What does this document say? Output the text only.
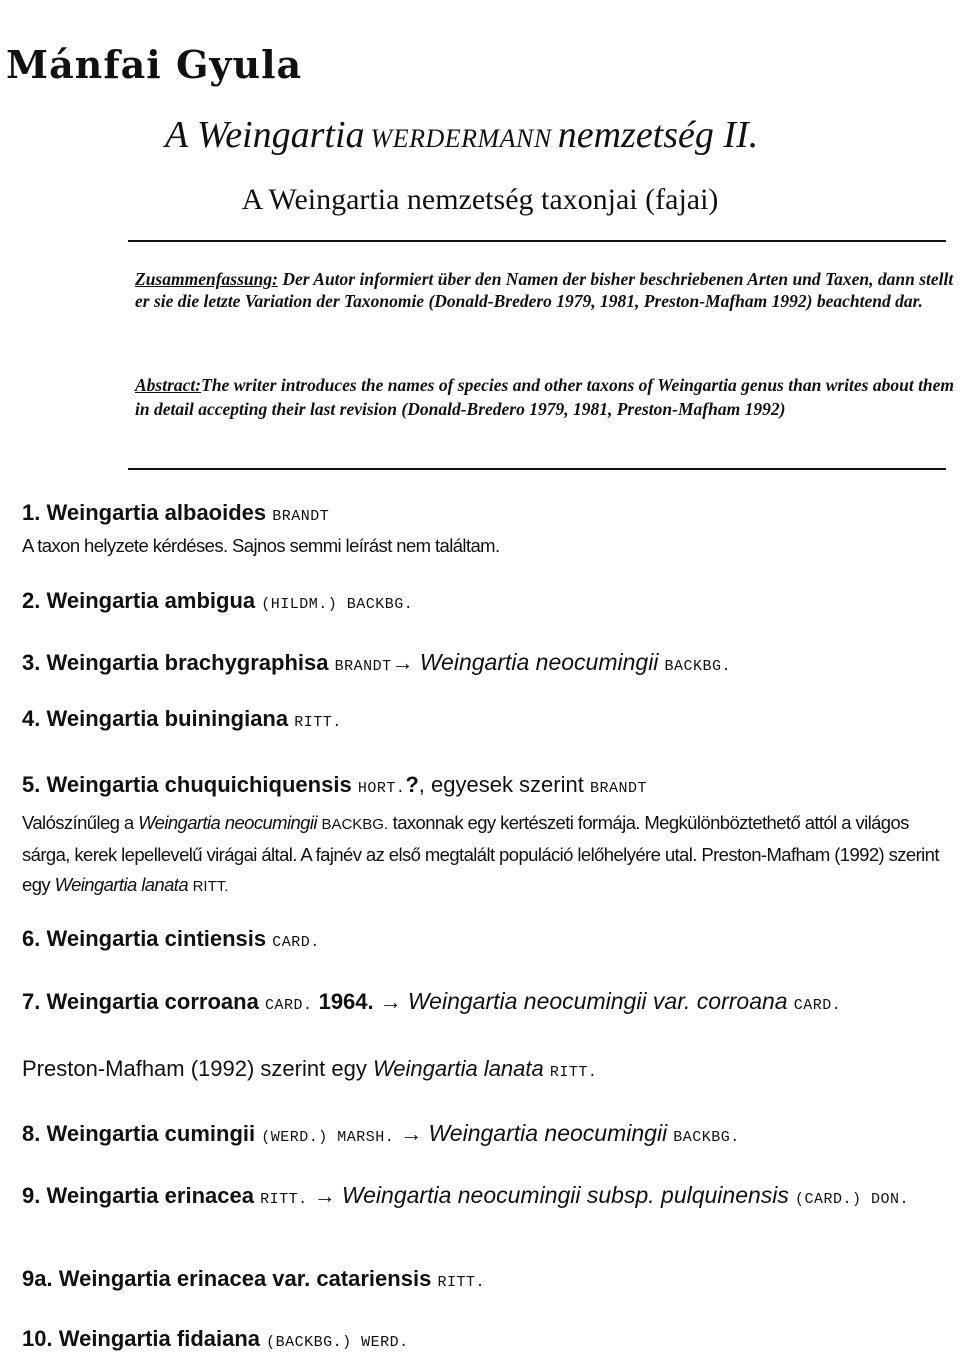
Mánfai Gyula
A Weingartia WERDERMANN nemzetség II.
A Weingartia nemzetség taxonjai (fajai)
Zusammenfassung: Der Autor informiert über den Namen der bisher beschriebenen Arten und Taxen, dann stellt er sie die letzte Variation der Taxonomie (Donald-Bredero 1979, 1981, Preston-Mafham 1992) beachtend dar.
Abstract:The writer introduces the names of species and other taxons of Weingartia genus than writes about them in detail accepting their last revision (Donald-Bredero 1979, 1981, Preston-Mafham 1992)
1. Weingartia albaoides BRANDT
A taxon helyzete kérdéses. Sajnos semmi leírást nem találtam.
2. Weingartia ambigua (HILDM.) BACKBG.
3. Weingartia brachygraphisa BRANDT→ Weingartia neocumingii BACKBG.
4. Weingartia buiningiana RITT.
5. Weingartia chuquichiquensis HORT.?, egyesek szerint BRANDT
Valószínűleg a Weingartia neocumingii BACKBG. taxonnak egy kertészeti formája. Megkülönböztethető attól a világos sárga, kerek lepellevelű virágai által. A fajnév az első megtalált populáció lelőhelyére utal. Preston-Mafham (1992) szerint egy Weingartia lanata RITT.
6. Weingartia cintiensis CARD.
7. Weingartia corroana CARD. 1964. → Weingartia neocumingii var. corroana CARD.
Preston-Mafham (1992) szerint egy Weingartia lanata RITT.
8. Weingartia cumingii (WERD.) MARSH. → Weingartia neocumingii BACKBG.
9. Weingartia erinacea RITT. → Weingartia neocumingii subsp. pulquinensis (CARD.) DON.
9a. Weingartia erinacea var. catariensis RITT.
10. Weingartia fidaiana (BACKBG.) WERD.
